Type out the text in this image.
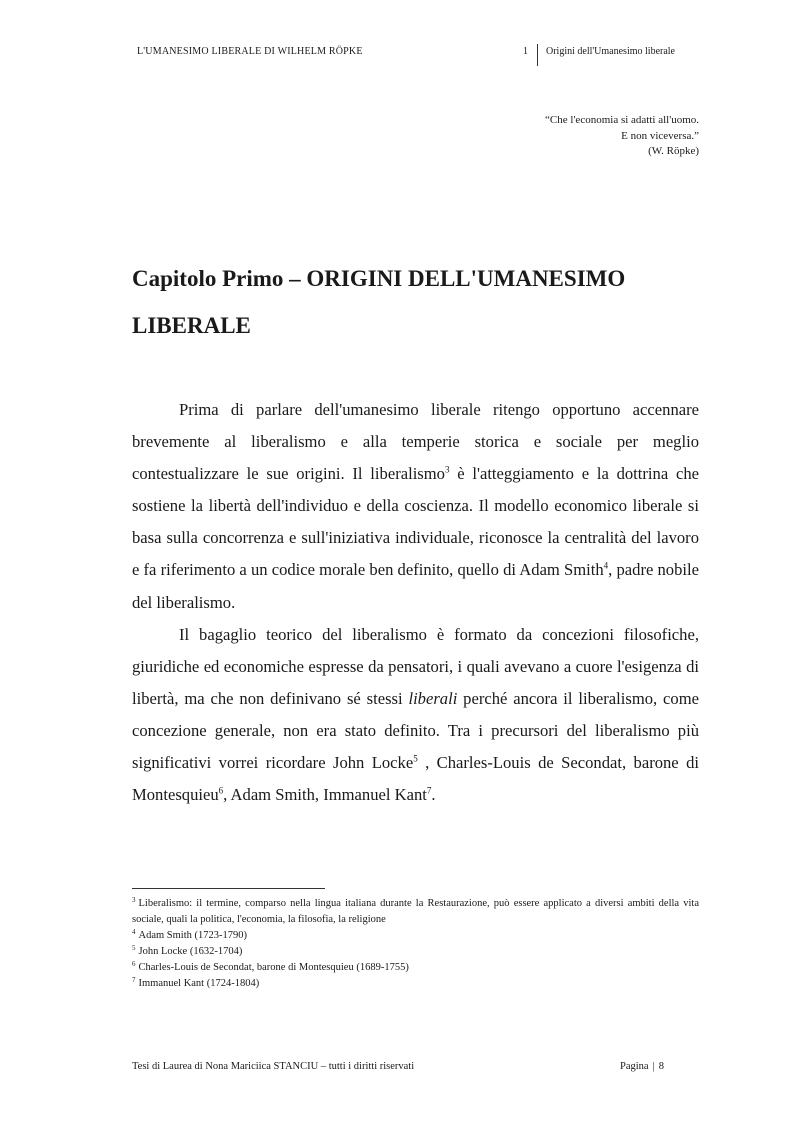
L'UMANESIMO LIBERALE DI WILHELM RÖPKE	1 Origini dell'Umanesimo liberale
“Che l'economia si adatti all'uomo.
E non viceversa.”
(W. Röpke)
Capitolo Primo – ORIGINI DELL'UMANESIMO LIBERALE

Prima di parlare dell'umanesimo liberale ritengo opportuno accennare brevemente al liberalismo e alla temperie storica e sociale per meglio contestualizzare le sue origini. Il liberalismo$^3$ è l'atteggiamento e la dottrina che sostiene la libertà dell'individuo e della coscienza. Il modello economico liberale si basa sulla concorrenza e sull'iniziativa individuale, riconosce la centralità del lavoro e fa riferimento a un codice morale ben definito, quello di Adam Smith$^4$, padre nobile del liberalismo.

Il bagaglio teorico del liberalismo è formato da concezioni filosofiche, giuridiche ed economiche espresse da pensatori, i quali avevano a cuore l'esigenza di libertà, ma che non definivano sé stessi liberali perché ancora il liberalismo, come concezione generale, non era stato definito. Tra i precursori del liberalismo più significativi vorrei ricordare John Locke$^5$ , Charles-Louis de Secondat, barone di Montesquieu$^6$, Adam Smith, Immanuel Kant$^7$.

$^3$ Liberalismo: il termine, comparso nella lingua italiana durante la Restaurazione, può essere applicato a diversi ambiti della vita sociale, quali la politica, l'economia, la filosofia, la religione
$^4$ Adam Smith (1723-1790)
$^5$ John Locke (1632-1704)
$^6$ Charles-Louis de Secondat, barone di Montesquieu (1689-1755)
$^7$ Immanuel Kant (1724-1804)
Tesi di Laurea di Nona Mariciica STANCIU – tutti i diritti riservati	Pagina | 8
